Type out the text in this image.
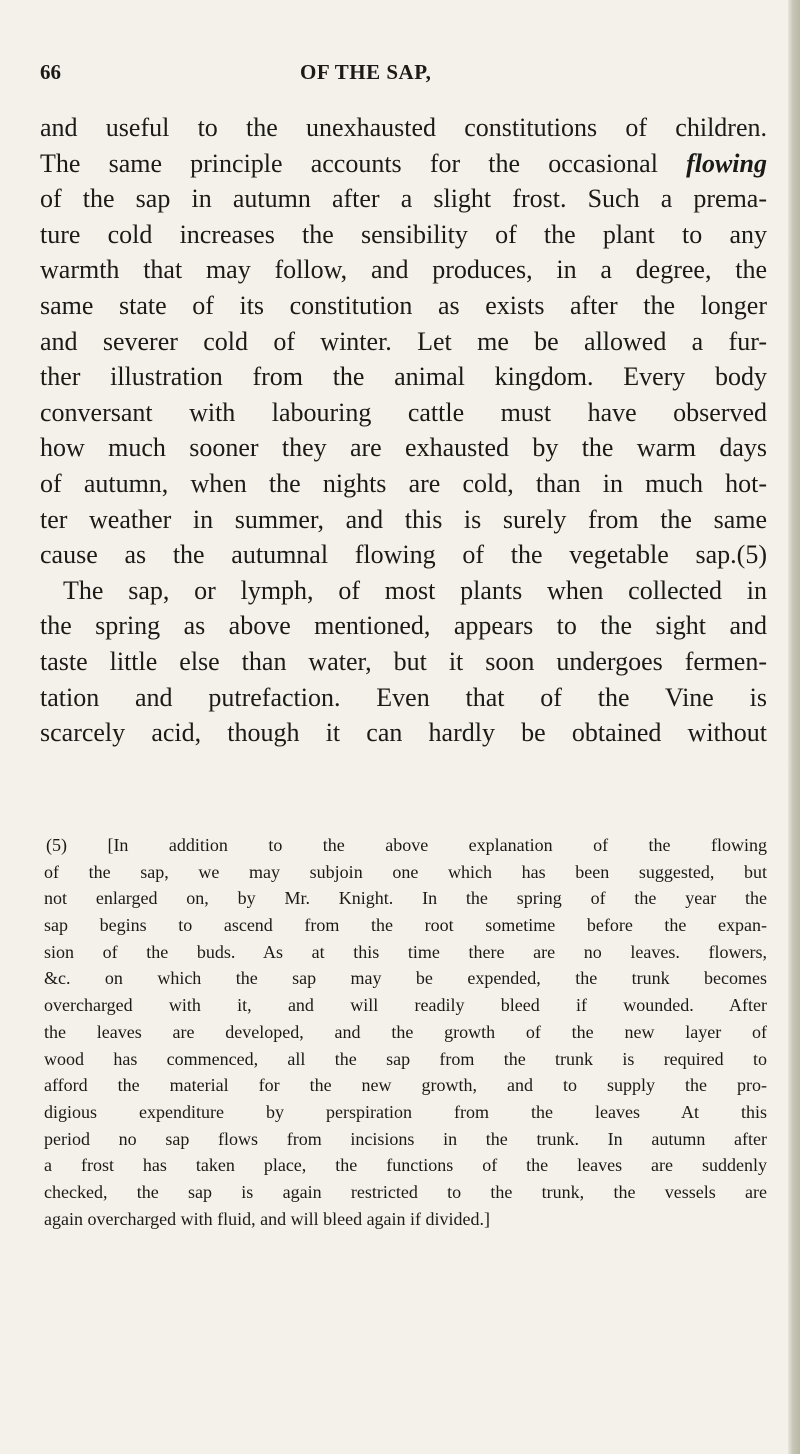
66	OF THE SAP,
and useful to the unexhausted constitutions of children.
The same principle accounts for the occasional flowing
of the sap in autumn after a slight frost. Such a prema-
ture cold increases the sensibility of the plant to any
warmth that may follow, and produces, in a degree, the
same state of its constitution as exists after the longer
and severer cold of winter. Let me be allowed a fur-
ther illustration from the animal kingdom. Every body
conversant with labouring cattle must have observed
how much sooner they are exhausted by the warm days
of autumn, when the nights are cold, than in much hot-
ter weather in summer, and this is surely from the same
cause as the autumnal flowing of the vegetable sap.(5)
The sap, or lymph, of most plants when collected in
the spring as above mentioned, appears to the sight and
taste little else than water, but it soon undergoes fermen-
tation and putrefaction. Even that of the Vine is
scarcely acid, though it can hardly be obtained without
(5) [In addition to the above explanation of the flowing
of the sap, we may subjoin one which has been suggested, but
not enlarged on, by Mr. Knight. In the spring of the year the
sap begins to ascend from the root sometime before the expan-
sion of the buds. As at this time there are no leaves. flowers,
&c. on which the sap may be expended, the trunk becomes
overcharged with it, and will readily bleed if wounded. After
the leaves are developed, and the growth of the new layer of
wood has commenced, all the sap from the trunk is required to
afford the material for the new growth, and to supply the pro-
digious expenditure by perspiration from the leaves At this
period no sap flows from incisions in the trunk. In autumn after
a frost has taken place, the functions of the leaves are suddenly
checked, the sap is again restricted to the trunk, the vessels are
again overcharged with fluid, and will bleed again if divided.]
